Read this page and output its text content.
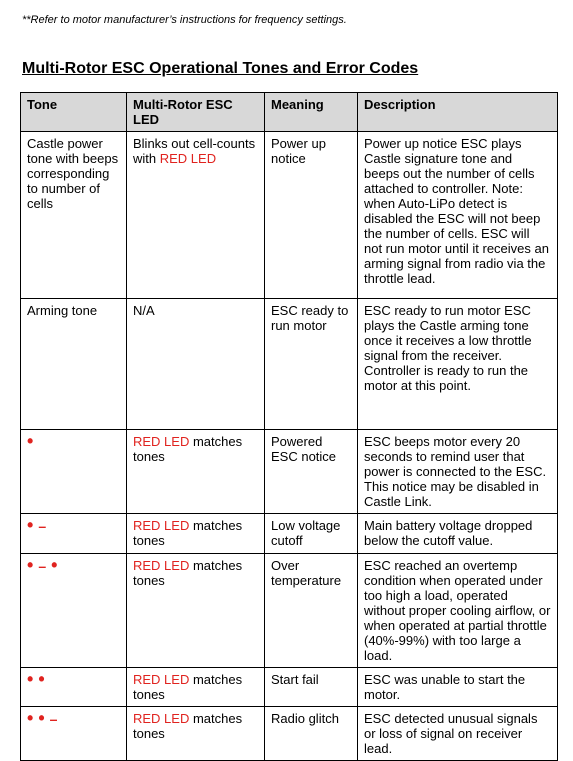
**Refer to motor manufacturer’s instructions for frequency settings.
Multi-Rotor ESC Operational Tones and Error Codes
Tone	Multi-Rotor ESC LED	Meaning	Description
Castle power tone with beeps corresponding to number of cells	Blinks out cell-counts with RED LED	Power up notice	Power up notice ESC plays Castle signature tone and beeps out the number of cells attached to controller. Note: when Auto-LiPo detect is disabled the ESC will not beep the number of cells. ESC will not run motor until it receives an arming signal from radio via the throttle lead.
Arming tone	N/A	ESC ready to run motor	ESC ready to run motor ESC plays the Castle arming tone once it receives a low throttle signal from the receiver. Controller is ready to run the motor at this point.

•	RED LED matches tones	Powered ESC notice	ESC beeps motor every 20 seconds to remind user that power is connected to the ESC. This notice may be disabled in Castle Link.

• –	RED LED matches tones	Low voltage cutoff	Main battery voltage dropped below the cutoff value.

• – •	RED LED matches tones	Over temperature	ESC reached an overtemp condition when operated under too high a load, operated without proper cooling airflow, or when operated at partial throttle (40%-99%) with too large a load.

• •	RED LED matches tones	Start fail	ESC was unable to start the motor.

• • –	RED LED matches tones	Radio glitch	ESC detected unusual signals or loss of signal on receiver lead.
